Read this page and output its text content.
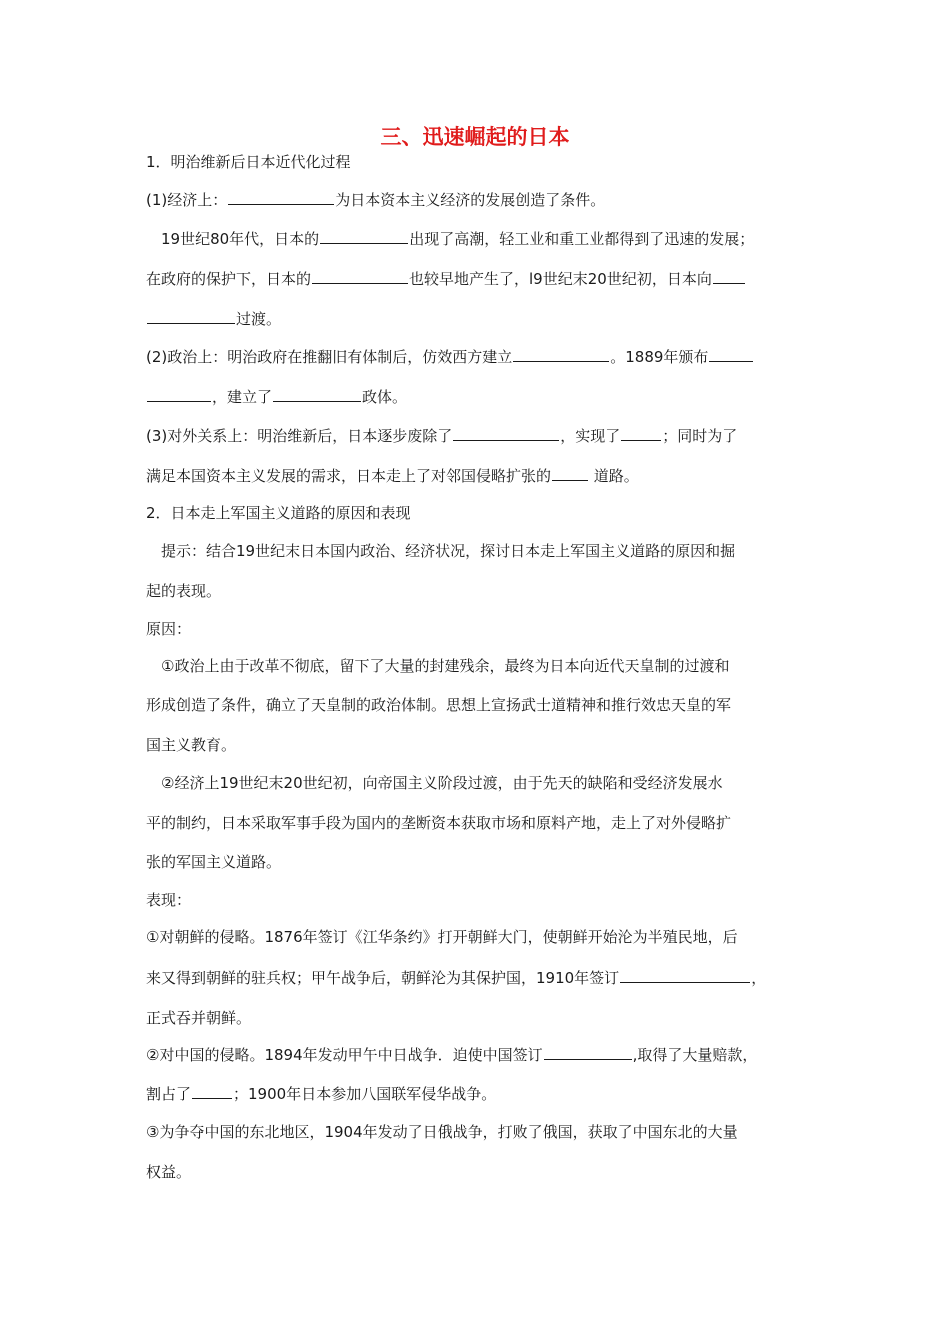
三、迅速崛起的日本
1．明治维新后日本近代化过程
(1)经济上：	为日本资本主义经济的发展创造了条件。
19世纪80年代，日本的	出现了高潮，轻工业和重工业都得到了迅速的发展；
在政府的保护下，日本的	也较早地产生了，l9世纪末20世纪初，日本向
过渡。
(2)政治上：明治政府在推翻旧有体制后，仿效西方建立	。1889年颁布
，建立了	政体。
(3)对外关系上：明治维新后，日本逐步废除了	，实现了	；同时为了
满足本国资本主义发展的需求，日本走上了对邻国侵略扩张的	道路。
2．日本走上军国主义道路的原因和表现
提示：结合19世纪末日本国内政治、经济状况，探讨日本走上军国主义道路的原因和掘
起的表现。
原因：
①政治上由于改革不彻底，留下了大量的封建残余，最终为日本向近代天皇制的过渡和
形成创造了条件，确立了天皇制的政治体制。思想上宣扬武士道精神和推行效忠天皇的军
国主义教育。
②经济上19世纪末20世纪初，向帝国主义阶段过渡，由于先天的缺陷和受经济发展水
平的制约，日本采取军事手段为国内的垄断资本获取市场和原料产地，走上了对外侵略扩
张的军国主义道路。
表现：
①对朝鲜的侵略。1876年签订《江华条约》打开朝鲜大门，使朝鲜开始沦为半殖民地，后
来又得到朝鲜的驻兵权；甲午战争后，朝鲜沦为其保护国，1910年签订	，
正式吞并朝鲜。
②对中国的侵略。1894年发动甲午中日战争．迫使中国签订	,取得了大量赔款，
割占了	；1900年日本参加八国联军侵华战争。
③为争夺中国的东北地区，1904年发动了日俄战争，打败了俄国，获取了中国东北的大量
权益。
